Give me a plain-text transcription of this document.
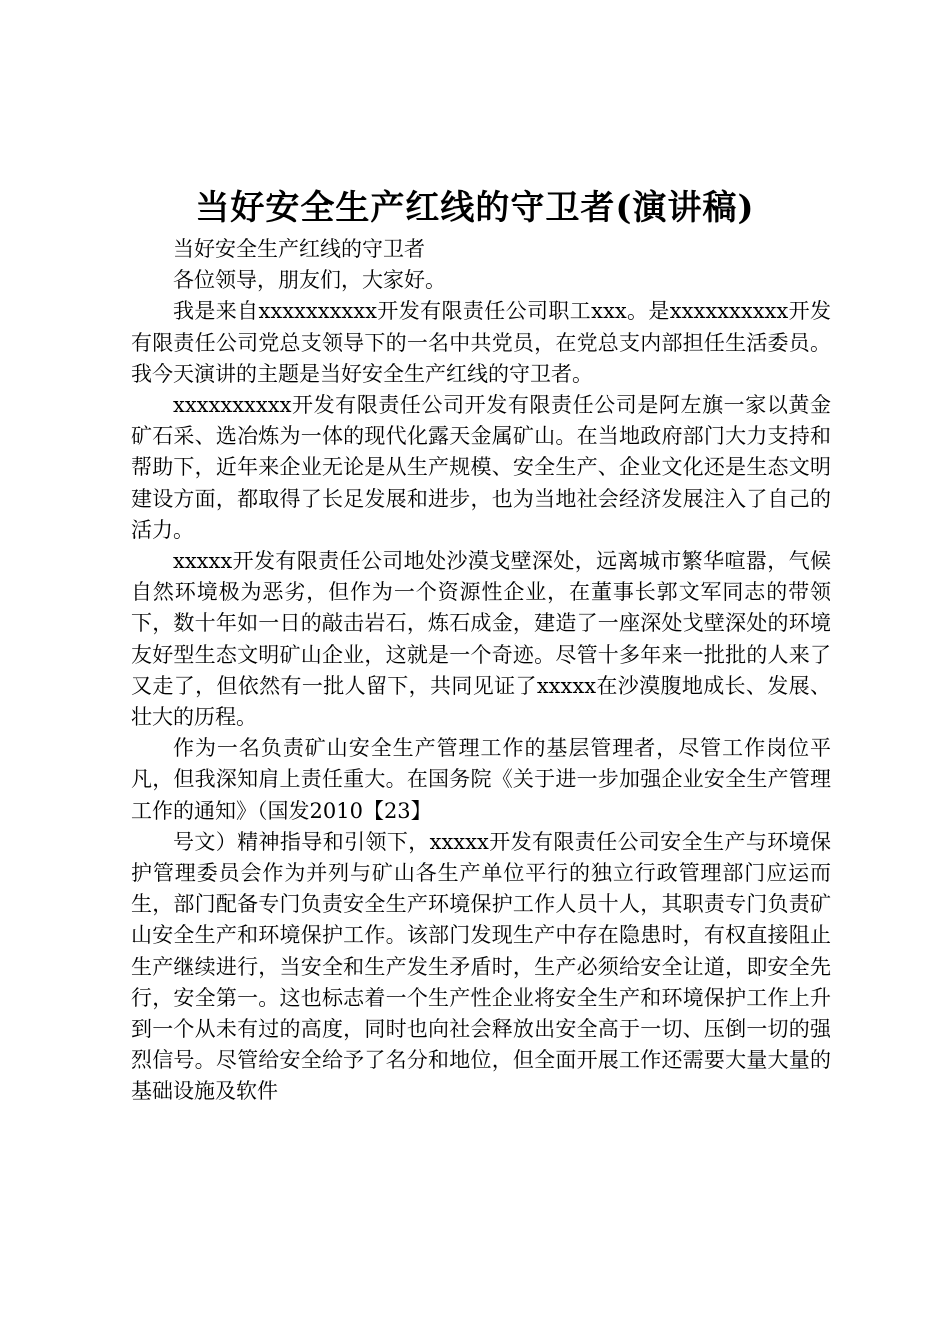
当好安全生产红线的守卫者(演讲稿)

当好安全生产红线的守卫者

各位领导，朋友们，大家好。

我是来自xxxxxxxxxx开发有限责任公司职工xxx。是xxxxxxxxxx开发有限责任公司党总支领导下的一名中共党员，在党总支内部担任生活委员。我今天演讲的主题是当好安全生产红线的守卫者。

xxxxxxxxxx开发有限责任公司开发有限责任公司是阿左旗一家以黄金矿石采、选冶炼为一体的现代化露天金属矿山。在当地政府部门大力支持和帮助下，近年来企业无论是从生产规模、安全生产、企业文化还是生态文明建设方面，都取得了长足发展和进步，也为当地社会经济发展注入了自己的活力。

xxxxx开发有限责任公司地处沙漠戈壁深处，远离城市繁华喧嚣，气候自然环境极为恶劣，但作为一个资源性企业，在董事长郭文军同志的带领下，数十年如一日的敲击岩石，炼石成金，建造了一座深处戈壁深处的环境友好型生态文明矿山企业，这就是一个奇迹。尽管十多年来一批批的人来了又走了，但依然有一批人留下，共同见证了xxxxx在沙漠腹地成长、发展、壮大的历程。

作为一名负责矿山安全生产管理工作的基层管理者，尽管工作岗位平凡，但我深知肩上责任重大。在国务院《关于进一步加强企业安全生产管理工作的通知》（国发2010【23】

号文）精神指导和引领下，xxxxx开发有限责任公司安全生产与环境保护管理委员会作为并列与矿山各生产单位平行的独立行政管理部门应运而生，部门配备专门负责安全生产环境保护工作人员十人，其职责专门负责矿山安全生产和环境保护工作。该部门发现生产中存在隐患时，有权直接阻止生产继续进行，当安全和生产发生矛盾时，生产必须给安全让道，即安全先行，安全第一。这也标志着一个生产性企业将安全生产和环境保护工作上升到一个从未有过的高度，同时也向社会释放出安全高于一切、压倒一切的强烈信号。尽管给安全给予了名分和地位，但全面开展工作还需要大量大量的基础设施及软件
